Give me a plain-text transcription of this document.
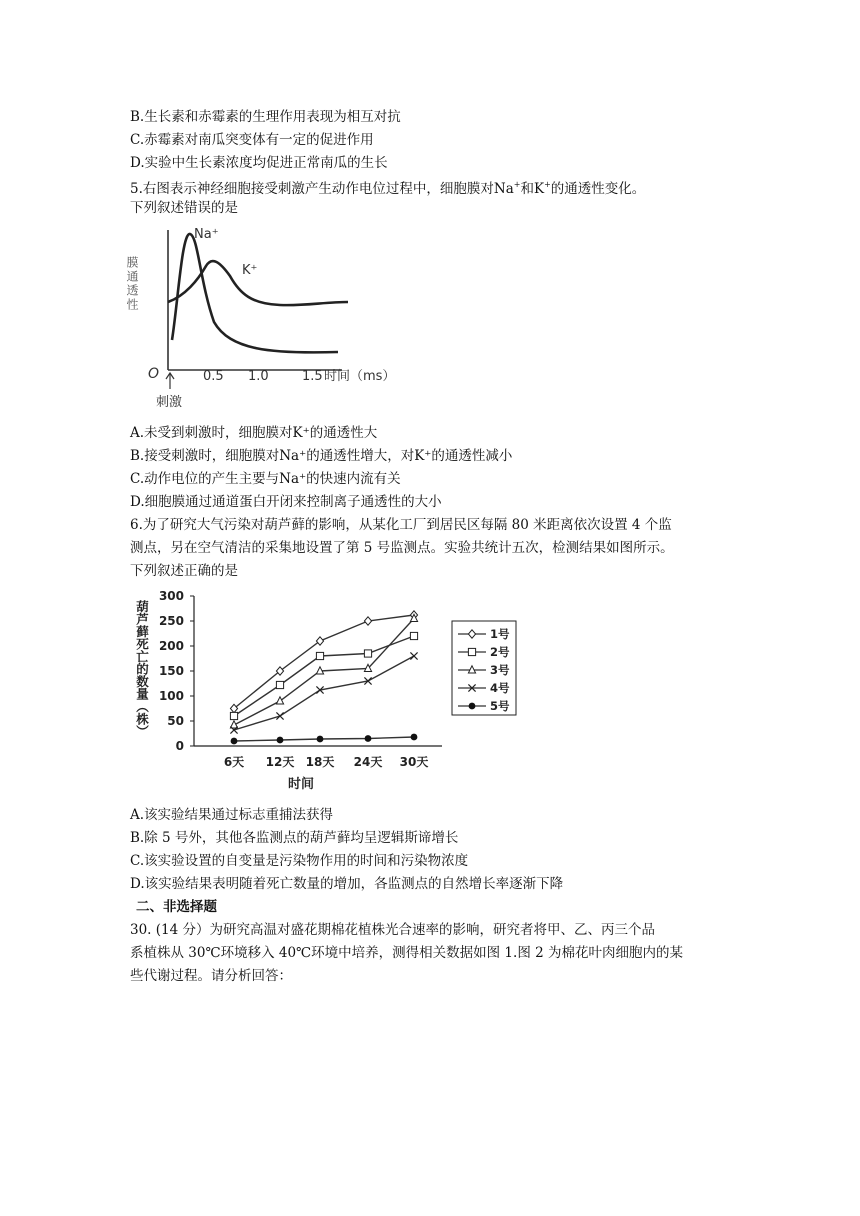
B.生长素和赤霉素的生理作用表现为相互对抗
C.赤霉素对南瓜突变体有一定的促进作用
D.实验中生长素浓度均促进正常南瓜的生长
5.右图表示神经细胞接受刺激产生动作电位过程中，细胞膜对Na+和K+的通透性变化。
下列叙述错误的是
膜通透性
Na⁺
K⁺
O	0.5 1.0	1.5 时间（ms）
刺激
A.未受到刺激时，细胞膜对K⁺的通透性大
B.接受刺激时，细胞膜对Na⁺的通透性增大，对K⁺的通透性减小
C.动作电位的产生主要与Na⁺的快速内流有关
D.细胞膜通过通道蛋白开闭来控制离子通透性的大小
6.为了研究大气污染对葫芦藓的影响，从某化工厂到居民区每隔 80 米距离依次设置 4 个监
测点，另在空气清洁的采集地设置了第 5 号监测点。实验共统计五次，检测结果如图所示。
下列叙述正确的是
葫芦藓死亡的数量（株）
0
50
100
150
200
250
300
6天 12天 18天 24天 30天
时间
1号
2号
3号
4号
5号
A.该实验结果通过标志重捕法获得
B.除 5 号外，其他各监测点的葫芦藓均呈逻辑斯谛增长
C.该实验设置的自变量是污染物作用的时间和污染物浓度
D.该实验结果表明随着死亡数量的增加，各监测点的自然增长率逐渐下降
二、非选择题
30. (14 分）为研究高温对盛花期棉花植株光合速率的影响，研究者将甲、乙、丙三个品
系植株从 30℃环境移入 40℃环境中培养，测得相关数据如图 1.图 2 为棉花叶肉细胞内的某
些代谢过程。请分析回答：
